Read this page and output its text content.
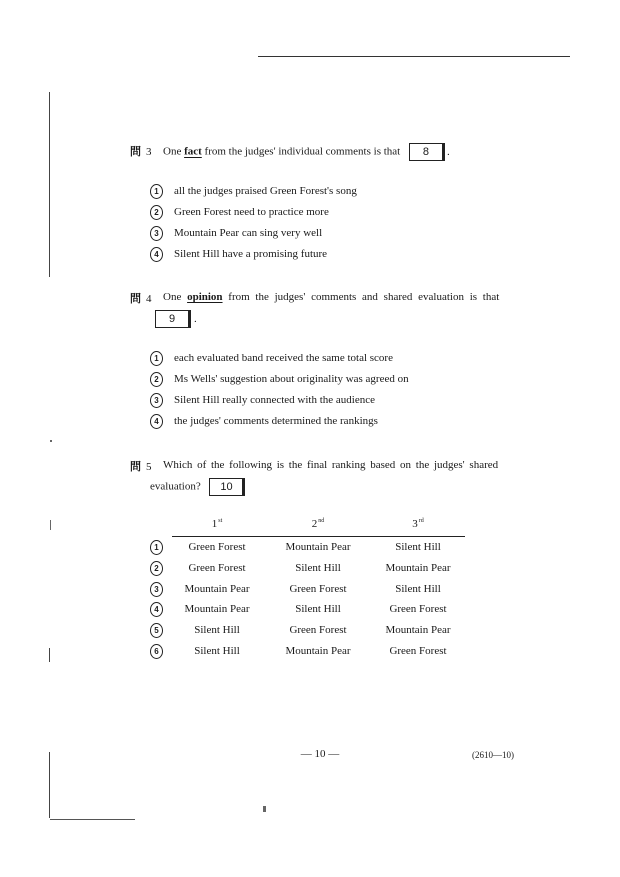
問 3 One fact from the judges' individual comments is that 8 .
1	all the judges praised Green Forest's song
2	Green Forest need to practice more
3	Mountain Pear can sing very well
4	Silent Hill have a promising future
問 4 One opinion from the judges' comments and shared evaluation is that
9 .
1	each evaluated band received the same total score
2	Ms Wells' suggestion about originality was agreed on
3	Silent Hill really connected with the audience
4	the judges' comments determined the rankings
問 5 Which of the following is the final ranking based on the judges' shared
evaluation? 10
1st	2nd	3rd
1	Green Forest	Mountain Pear	Silent Hill
2	Green Forest	Silent Hill	Mountain Pear
3	Mountain Pear	Green Forest	Silent Hill
4	Mountain Pear	Silent Hill	Green Forest
5	Silent Hill	Green Forest	Mountain Pear
6	Silent Hill	Mountain Pear	Green Forest
— 10 —	(2610—10)
